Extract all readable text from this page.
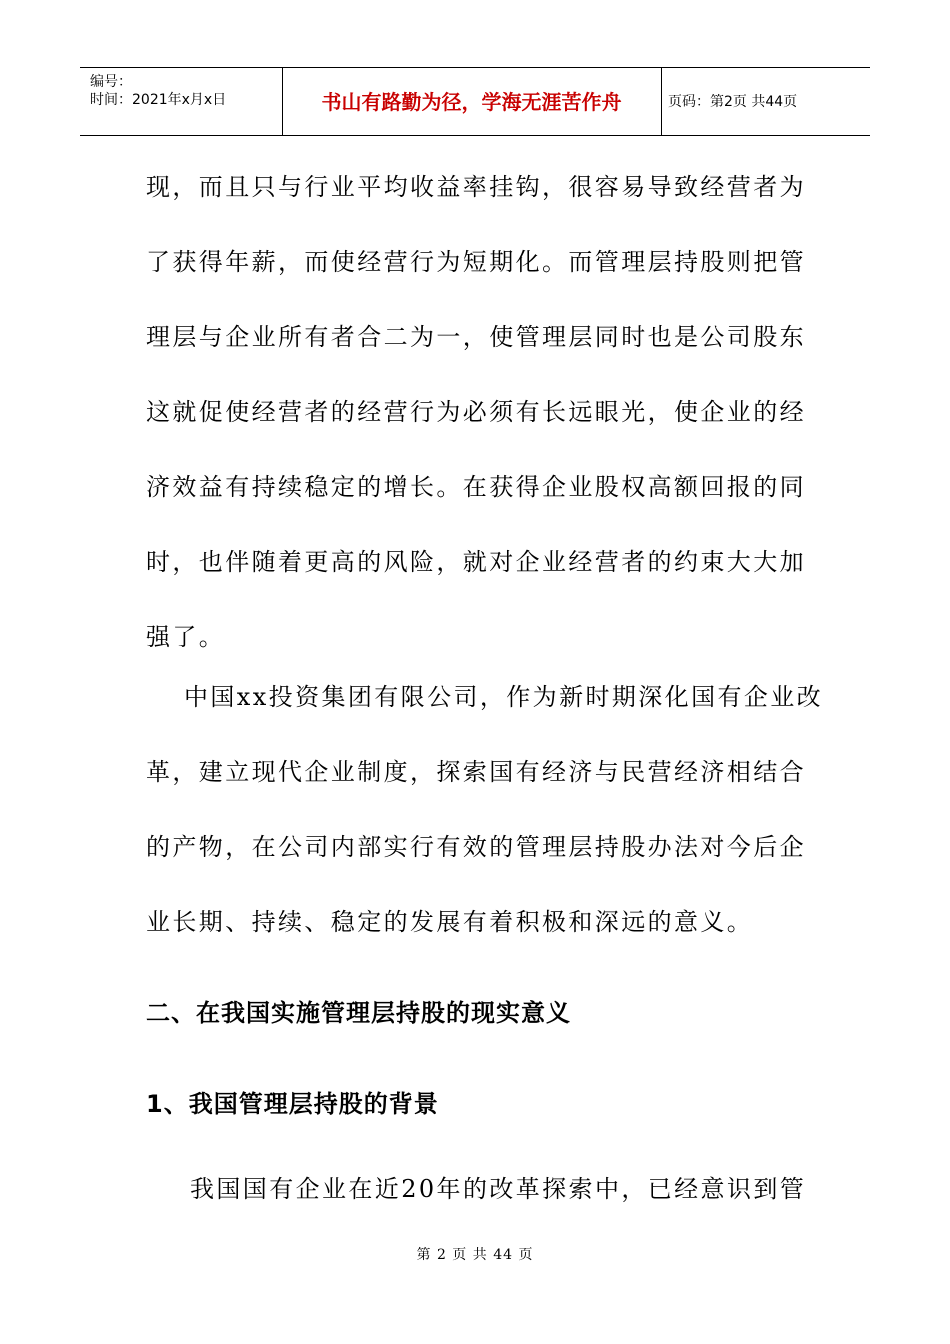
编号：
时间：2021年x月x日	书山有路勤为径，学海无涯苦作舟	页码：第2页 共44页
现，而且只与行业平均收益率挂钩，很容易导致经营者为
了获得年薪，而使经营行为短期化。而管理层持股则把管
理层与企业所有者合二为一，使管理层同时也是公司股东
这就促使经营者的经营行为必须有长远眼光，使企业的经
济效益有持续稳定的增长。在获得企业股权高额回报的同
时，也伴随着更高的风险，就对企业经营者的约束大大加
强了。
中国xx投资集团有限公司，作为新时期深化国有企业改
革，建立现代企业制度，探索国有经济与民营经济相结合
的产物，在公司内部实行有效的管理层持股办法对今后企
业长期、持续、稳定的发展有着积极和深远的意义。
二、在我国实施管理层持股的现实意义
1、我国管理层持股的背景
我国国有企业在近20年的改革探索中，已经意识到管
第 2 页 共 44 页
